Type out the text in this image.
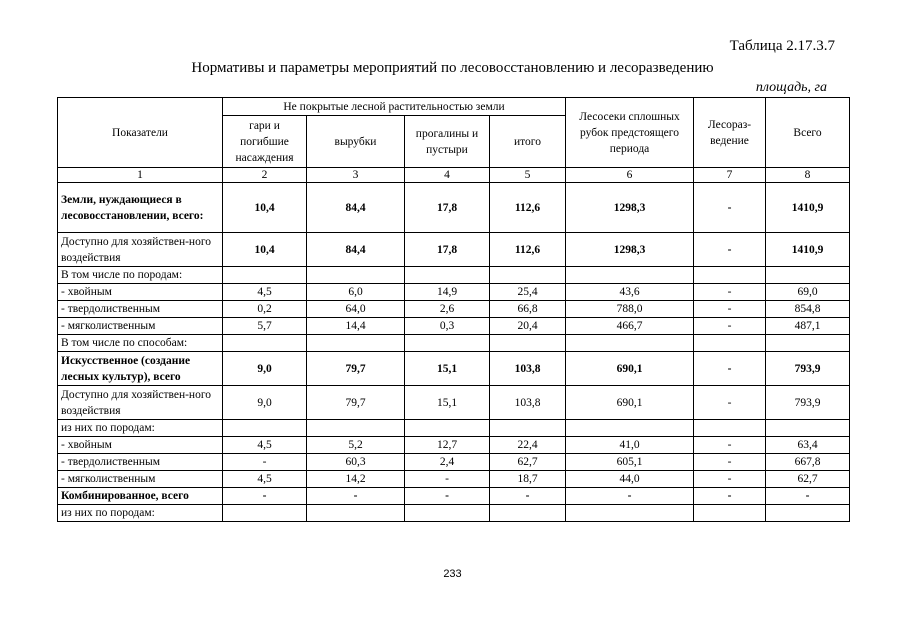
Таблица 2.17.3.7
Нормативы и параметры мероприятий по лесовосстановлению и лесоразведению
площадь, га
Показатели	Не покрытые лесной растительностью земли				Лесосеки сплошных рубок предстоящего периода	Лесораз-ведение	Всего
	гари и погибшие насаждения	вырубки	прогалины и пустыри	итого			
1	2	3	4	5	6	7	8
Земли, нуждающиеся в лесовосстановлении, всего:	10,4	84,4	17,8	112,6	1298,3	-	1410,9
Доступно для хозяйствен-ного воздействия	10,4	84,4	17,8	112,6	1298,3	-	1410,9
В том числе по породам:							
- хвойным	4,5	6,0	14,9	25,4	43,6	-	69,0
- твердолиственным	0,2	64,0	2,6	66,8	788,0	-	854,8
- мягколиственным	5,7	14,4	0,3	20,4	466,7	-	487,1
В том числе по способам:							
Искусственное (создание лесных культур), всего	9,0	79,7	15,1	103,8	690,1	-	793,9
Доступно для хозяйствен-ного воздействия	9,0	79,7	15,1	103,8	690,1	-	793,9
из них по породам:							
- хвойным	4,5	5,2	12,7	22,4	41,0	-	63,4
- твердолиственным	-	60,3	2,4	62,7	605,1	-	667,8
- мягколиственным	4,5	14,2	-	18,7	44,0	-	62,7
Комбинированное, всего	-	-	-	-	-	-	-
из них по породам:							
233
